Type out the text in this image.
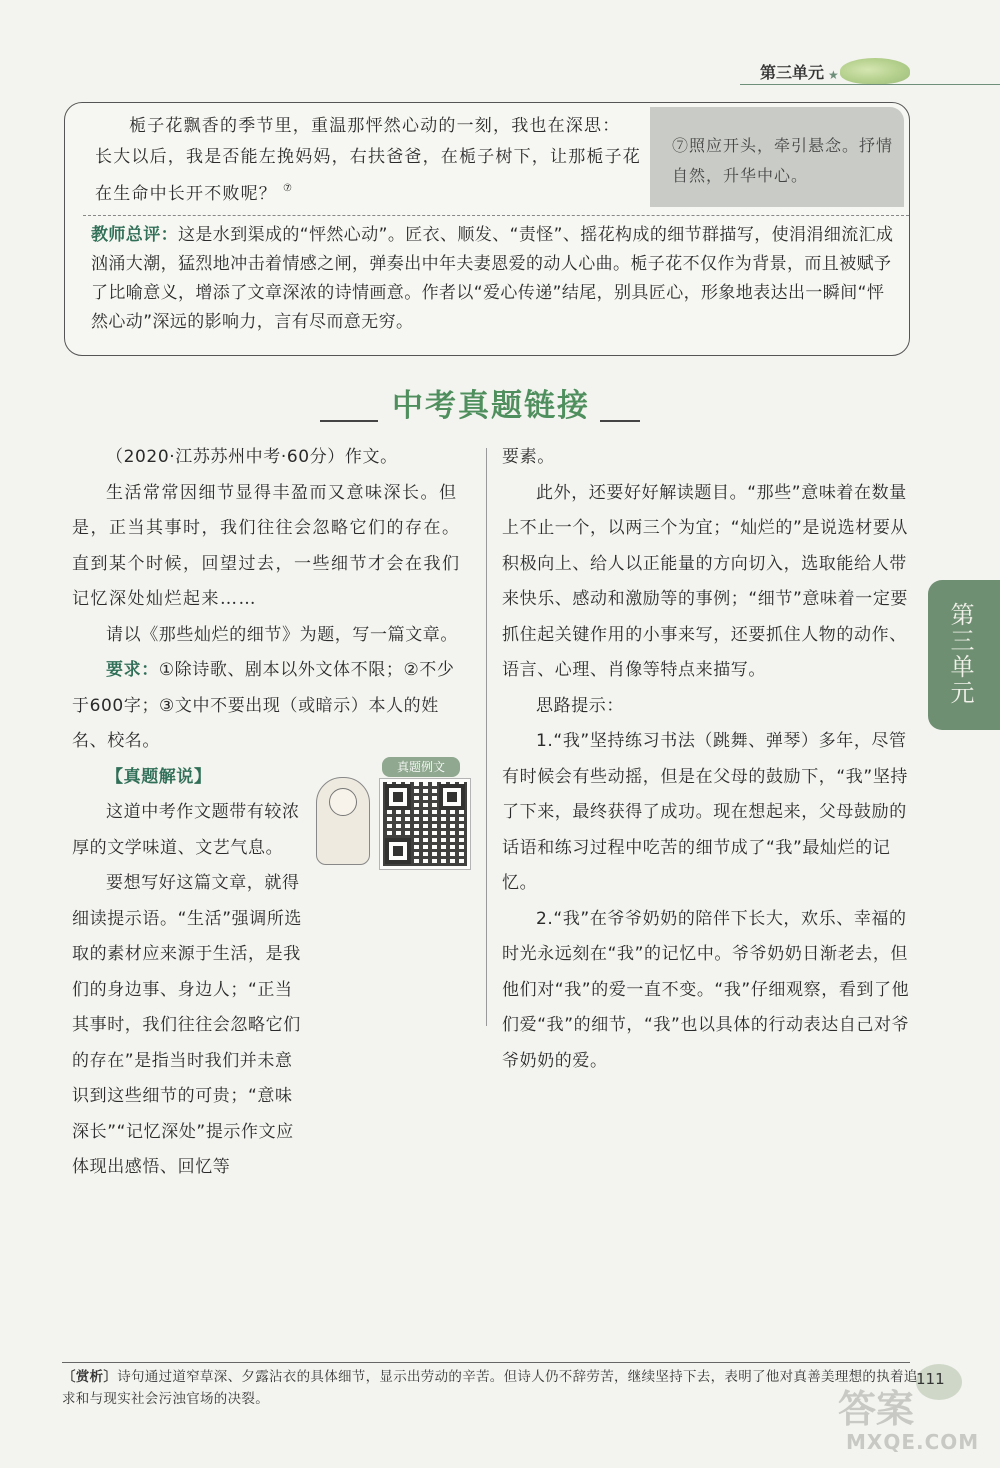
第三单元 ★
栀子花飘香的季节里，重温那怦然心动的一刻，我也在深思：
长大以后，我是否能左挽妈妈，右扶爸爸，在栀子树下，让那栀子花
在生命中长开不败呢？ ⑦
⑦照应开头，牵引悬念。抒情自然，升华中心。
教师总评：这是水到渠成的“怦然心动”。匠衣、顺发、“责怪”、摇花构成的细节群描写，使涓涓细流汇成汹涌大潮，猛烈地冲击着情感之闸，弹奏出中年夫妻恩爱的动人心曲。栀子花不仅作为背景，而且被赋予了比喻意义，增添了文章深浓的诗情画意。作者以“爱心传递”结尾，别具匠心，形象地表达出一瞬间“怦然心动”深远的影响力，言有尽而意无穷。
中考真题链接

（2020·江苏苏州中考·60分）作文。

生活常常因细节显得丰盈而又意味深长。但是，正当其事时，我们往往会忽略它们的存在。直到某个时候，回望过去，一些细节才会在我们记忆深处灿烂起来……

请以《那些灿烂的细节》为题，写一篇文章。

要求：①除诗歌、剧本以外文体不限；②不少于600字；③文中不要出现（或暗示）本人的姓名、校名。

【真题解说】

这道中考作文题带有较浓厚的文学味道、文艺气息。

要想写好这篇文章，就得细读提示语。“生活”强调所选取的素材应来源于生活，是我们的身边事、身边人；“正当其事时，我们往往会忽略它们的存在”是指当时我们并未意识到这些细节的可贵；“意味深长”“记忆深处”提示作文应体现出感悟、回忆等

真题例文

要素。

此外，还要好好解读题目。“那些”意味着在数量上不止一个，以两三个为宜；“灿烂的”是说选材要从积极向上、给人以正能量的方向切入，选取能给人带来快乐、感动和激励等的事例；“细节”意味着一定要抓住起关键作用的小事来写，还要抓住人物的动作、语言、心理、肖像等特点来描写。

思路提示：

1.“我”坚持练习书法（跳舞、弹琴）多年，尽管有时候会有些动摇，但是在父母的鼓励下，“我”坚持了下来，最终获得了成功。现在想起来，父母鼓励的话语和练习过程中吃苦的细节成了“我”最灿烂的记忆。

2.“我”在爷爷奶奶的陪伴下长大，欢乐、幸福的时光永远刻在“我”的记忆中。爷爷奶奶日渐老去，但他们对“我”的爱一直不变。“我”仔细观察，看到了他们爱“我”的细节，“我”也以具体的行动表达自己对爷爷奶奶的爱。

第三单元
〔赏析〕诗句通过道窄草深、夕露沾衣的具体细节，显示出劳动的辛苦。但诗人仍不辞劳苦，继续坚持下去，表明了他对真善美理想的执着追求和与现实社会污浊官场的决裂。
111
答案
MXQE.COM
